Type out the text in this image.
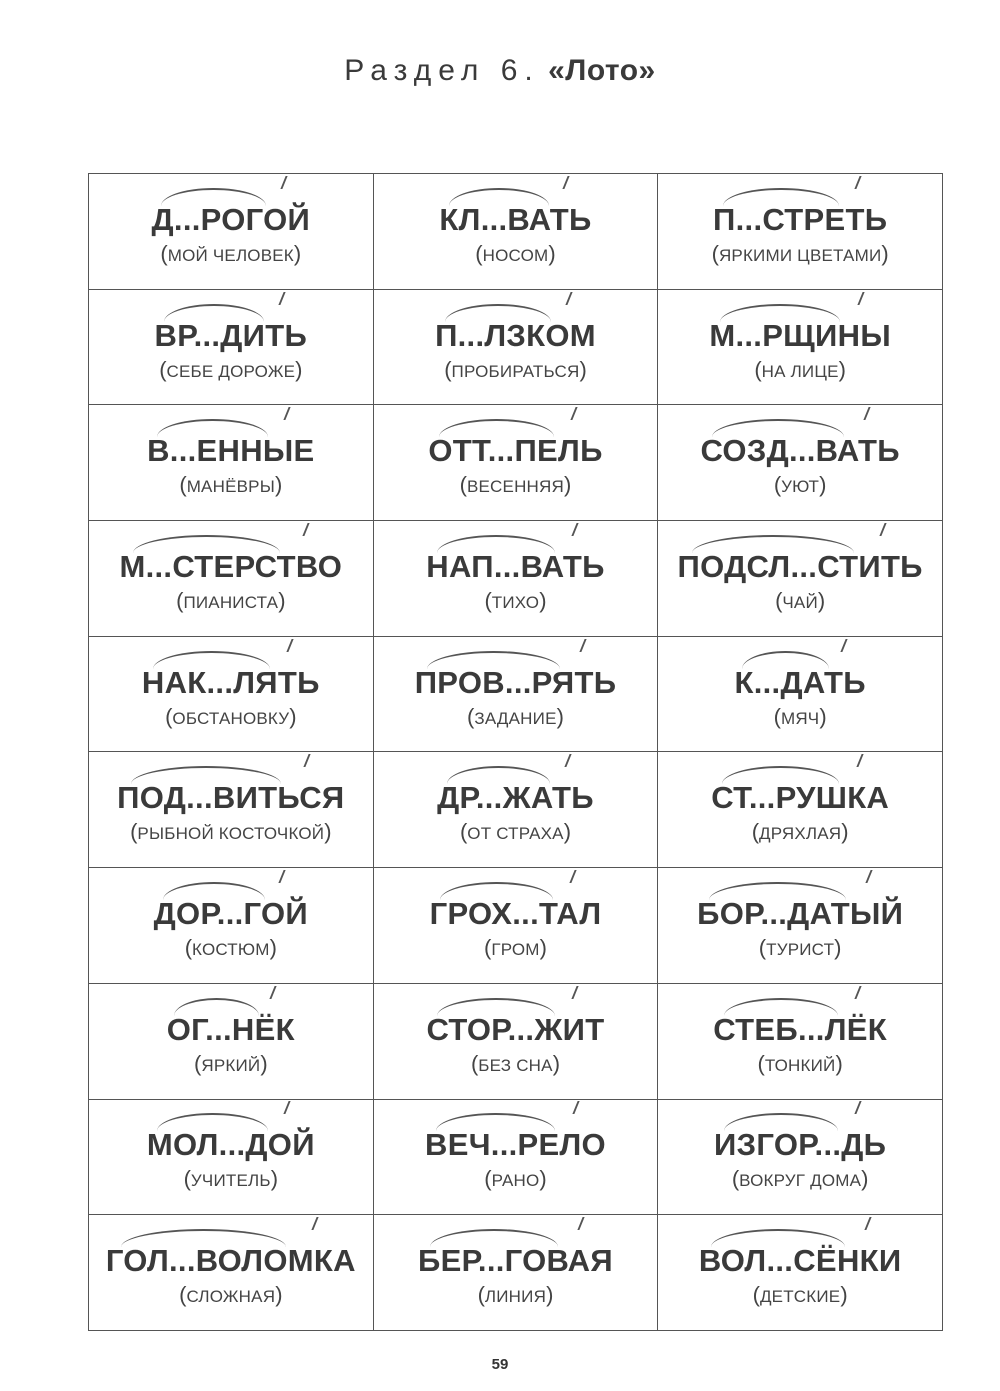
Раздел 6. «Лото»
Д...РОГОЙ
(МОЙ ЧЕЛОВЕК)
КЛ...ВАТЬ
(НОСОМ)
П...СТРЕТЬ
(ЯРКИМИ ЦВЕТАМИ)
ВР...ДИТЬ
(СЕБЕ ДОРОЖЕ)
П...ЛЗКОМ
(ПРОБИРАТЬСЯ)
М...РЩИНЫ
(НА ЛИЦЕ)
В...ЕННЫЕ
(МАНЁВРЫ)
ОТТ...ПЕЛЬ
(ВЕСЕННЯЯ)
СОЗД...ВАТЬ
(УЮТ)
М...СТЕРСТВО
(ПИАНИСТА)
НАП...ВАТЬ
(ТИХО)
ПОДСЛ...СТИТЬ
(ЧАЙ)
НАК...ЛЯТЬ
(ОБСТАНОВКУ)
ПРОВ...РЯТЬ
(ЗАДАНИЕ)
К...ДАТЬ
(МЯЧ)
ПОД...ВИТЬСЯ
(РЫБНОЙ КОСТОЧКОЙ)
ДР...ЖАТЬ
(ОТ СТРАХА)
СТ...РУШКА
(ДРЯХЛАЯ)
ДОР...ГОЙ
(КОСТЮМ)
ГРОХ...ТАЛ
(ГРОМ)
БОР...ДАТЫЙ
(ТУРИСТ)
ОГ...НЁК
(ЯРКИЙ)
СТОР...ЖИТ
(БЕЗ СНА)
СТЕБ...ЛЁК
(ТОНКИЙ)
МОЛ...ДОЙ
(УЧИТЕЛЬ)
ВЕЧ...РЕЛО
(РАНО)
ИЗГОР...ДЬ
(ВОКРУГ ДОМА)
ГОЛ...ВОЛОМКА
(СЛОЖНАЯ)
БЕР...ГОВАЯ
(ЛИНИЯ)
ВОЛ...СЁНКИ
(ДЕТСКИЕ)
59
